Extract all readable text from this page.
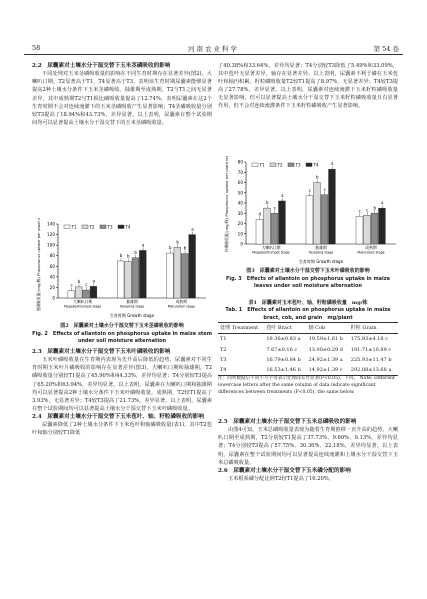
58	河南农业科学	第 54 卷

2.2　尿囊素对土壤水分干湿交替下玉米茎磷吸收的影响

不同处理对玉米茎磷吸收量的影响在不同生育时期存在显著差异(图2)。大喇叭口期，T2显著高于T1、T4显著高于T3，表明该生育时期尿囊素能够显著提高2种土壤水分条件下玉米茎磷吸收。抽雄期至成熟期，T2与T1之间无显著差异，其中成熟期T2与T1相比磷吸收量提高了12.74%，表明尿囊素在这2个生育时期不会对连续淹灌下的玉米茎磷吸收产生显著影响；T4茎磷吸收量分别较T3提高了18.94%和43.73%，差异显著。以上表明，尿囊素在整个试验期间均可以显著提高土壤水分干湿交替下的玉米茎磷吸收量。

0
20
40
60
80
100
120
140
茎磷吸收量/(mg/株) Phosphorus uptake per plant stem	c
b
c
a
大喇叭口期
Megabelltrumpet stage
b b
b
a
抽雄期
Tasseling stage
b
b
b
a
成熟期
Maturation stage
生育时期 Growth stage
T1	T2	T3	T4
图2　尿囊素对土壤水分干湿交替下玉米茎磷吸收的影响
Fig. 2　Effects of allantoin on phosphorus uptake in maize stem under soil moisture alternation

2.3　尿囊素对土壤水分干湿交替下玉米叶磷吸收的影响

玉米叶磷吸收量在生育期内表现为先升高后降低的趋势，尿囊素对不同生育时期玉米叶片磷吸收的影响存在显著差异(图3)。大喇叭口期和抽雄期，T2磷吸收量分别较T1提高了45.90%和44.33%，差异均显著；T4分别较T3提高了65.20%和63.94%，差异均显著。以上表明，尿囊素在大喇叭口期和抽雄期均可以显著提高2种土壤水分条件下玉米叶磷吸收量。成熟期，T2较T1提高了3.93%，无显著差异；T4较T3提高了21.73%，差异显著。以上表明，尿囊素在整个试验期间均可以显著提高土壤水分干湿交替下玉米叶磷吸收量。

2.4　尿囊素对土壤水分干湿交替下玉米苞叶、轴、籽粒磷吸收的影响

尿囊素降低了2种土壤水分条件下玉米苞叶和轴磷吸收量(表1)，其中T2苞叶和轴分别较T1降低

了40.38%和33.64%，差异均显著；T4分别较T3降低了5.49%和33.09%，其中苞叶无显著差异，轴存在显著差异。以上表明，尿囊素不利于磷在玉米苞叶和轴内积累。籽粒磷吸收量T2较T1提高了8.97%，无显著差异；T4较T3提高了27.78%，差异显著。以上表明，尿囊素对连续淹灌下玉米籽粒磷吸收量无显著影响，但可以显著提高土壤水分干湿交替下玉米籽粒磷吸收量且有显著作用，但不会对连续淹灌条件下玉米籽粒磷吸收产生显著影响。

0
10
20
30
40
50
60
70
80
叶磷吸收量/(mg/株) Phosphorus uptake per plant leaf	d
b
c
a
大喇叭口期
Megabelltrumpet stage
c
b
c
a
抽雄期
Tasseling stage
c c b
a
成熟期
Maturation stage
生育时期 Growth stage
T1	T2	T3	T4
图3　尿囊素对土壤水分干湿交替下玉米叶磷吸收的影响
Fig. 3　Effects of allantoin on phosphorus uptake in maize leaves under soil moisture alternation
表1　尿囊素对玉米苞叶、轴、籽粒磷吸收量　mg/株
Tab. 1　Effects of allantoin on phosphorus uptake in maize bract, cob, and grain　mg/plant
处理 Treatment	苞叶 Bract	轴 Cob	籽粒 Grain
T1	19.36±0.83 a	19.59±1.61 b	175.93±4.18 c
T2	7.67±0.16 c	13.00±0.29 d	191.71±10.89 c
T3	16.79±0.84 b	24.92±1.39 a	225.93±11.47 b
T4	16.53±1.46 b	14.92±1.39 c	292.88±13.68 a
注：同列数据后不同小写字母表示处理间差异显著(P<0.05)，下同。 Note: Different lowercase letters after the same column of data indicate significant differences between treatments (P<0.05), the same below.

2.5　尿囊素对土壤水分干湿交替下玉米总磷吸收的影响

由图4可知，玉米总磷吸收量表现为随着生育期推移一直升高的趋势。大喇叭口期至成熟期，T2分别较T1提高了37.73%、9.60%、9.13%，差异均显著；T4分别较T3提高了57.75%、30.36%、22.18%，差异均显著。以上表明，尿囊素在整个试验期间均可以显著提高连续淹灌和土壤水分干湿交替下玉米总磷吸收量。

2.6　尿囊素对土壤水分干湿交替下玉米磷分配的影响

玉米根系磷分配比例T2较T1提高了16.20%，
